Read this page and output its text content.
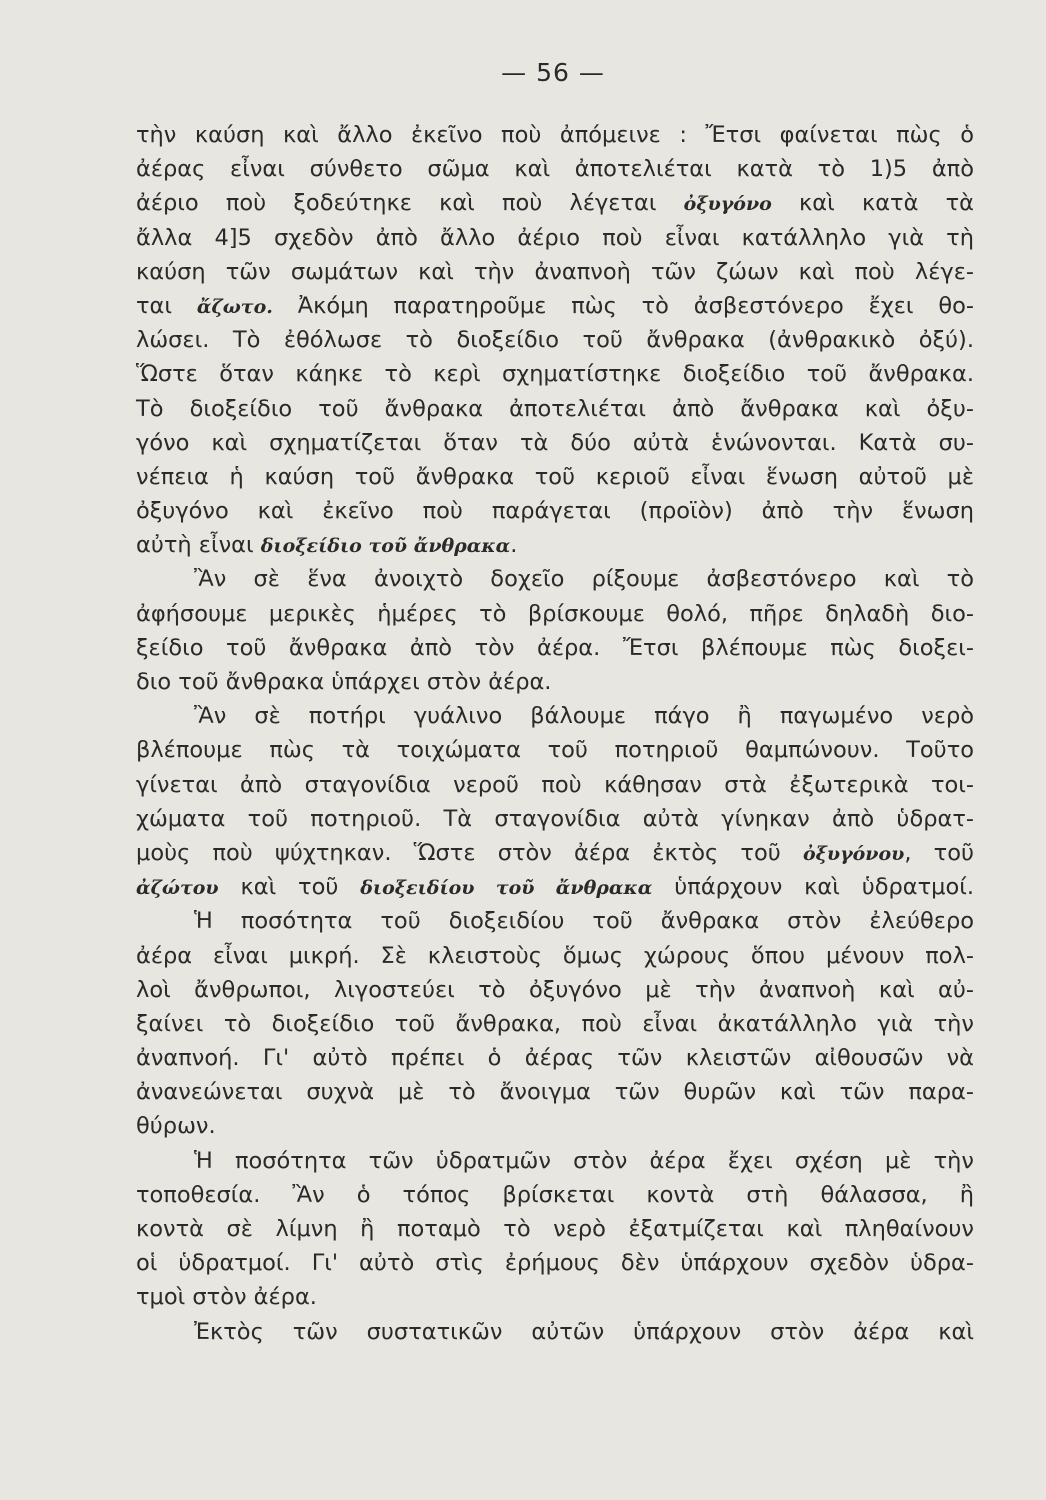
— 56 —
τὴν καύση καὶ ἄλλο ἐκεῖνο ποὺ ἀπόμεινε : Ἔτσι φαίνεται πὼς ὁ
ἀέρας εἶναι σύνθετο σῶμα καὶ ἀποτελιέται κατὰ τὸ 1)5 ἀπὸ
ἀέριο ποὺ ξοδεύτηκε καὶ ποὺ λέγεται ὀξυγόνο καὶ κατὰ τὰ
ἄλλα 4]5 σχεδὸν ἀπὸ ἄλλο ἀέριο ποὺ εἶναι κατάλληλο γιὰ τὴ
καύση τῶν σωμάτων καὶ τὴν ἀναπνοὴ τῶν ζώων καὶ ποὺ λέγε-
ται ἄζωτο. Ἀκόμη παρατηροῦμε πὼς τὸ ἀσβεστόνερο ἔχει θο-
λώσει. Τὸ ἐθόλωσε τὸ διοξείδιο τοῦ ἄνθρακα (ἀνθρακικὸ ὀξύ).
Ὥστε ὅταν κάηκε τὸ κερὶ σχηματίστηκε διοξείδιο τοῦ ἄνθρακα.
Τὸ διοξείδιο τοῦ ἄνθρακα ἀποτελιέται ἀπὸ ἄνθρακα καὶ ὀξυ-
γόνο καὶ σχηματίζεται ὅταν τὰ δύο αὐτὰ ἑνώνονται. Κατὰ συ-
νέπεια ἡ καύση τοῦ ἄνθρακα τοῦ κεριοῦ εἶναι ἕνωση αὐτοῦ μὲ
ὀξυγόνο καὶ ἐκεῖνο ποὺ παράγεται (προϊὸν) ἀπὸ τὴν ἕνωση
αὐτὴ εἶναι διοξείδιο τοῦ ἄνθρακα.
Ἂν σὲ ἕνα ἀνοιχτὸ δοχεῖο ρίξουμε ἀσβεστόνερο καὶ τὸ
ἀφήσουμε μερικὲς ἡμέρες τὸ βρίσκουμε θολό, πῆρε δηλαδὴ διο-
ξείδιο τοῦ ἄνθρακα ἀπὸ τὸν ἀέρα. Ἔτσι βλέπουμε πὼς διοξει-
διο τοῦ ἄνθρακα ὑπάρχει στὸν ἀέρα.
Ἂν σὲ ποτήρι γυάλινο βάλουμε πάγο ἢ παγωμένο νερὸ
βλέπουμε πὼς τὰ τοιχώματα τοῦ ποτηριοῦ θαμπώνουν. Τοῦτο
γίνεται ἀπὸ σταγονίδια νεροῦ ποὺ κάθησαν στὰ ἐξωτερικὰ τοι-
χώματα τοῦ ποτηριοῦ. Τὰ σταγονίδια αὐτὰ γίνηκαν ἀπὸ ὑδρατ-
μοὺς ποὺ ψύχτηκαν. Ὥστε στὸν ἀέρα ἐκτὸς τοῦ ὀξυγόνου, τοῦ
ἀζώτου καὶ τοῦ διοξειδίου τοῦ ἄνθρακα ὑπάρχουν καὶ ὑδρατμοί.
Ἡ ποσότητα τοῦ διοξειδίου τοῦ ἄνθρακα στὸν ἐλεύθερο
ἀέρα εἶναι μικρή. Σὲ κλειστοὺς ὅμως χώρους ὅπου μένουν πολ-
λοὶ ἄνθρωποι, λιγοστεύει τὸ ὀξυγόνο μὲ τὴν ἀναπνοὴ καὶ αὐ-
ξαίνει τὸ διοξείδιο τοῦ ἄνθρακα, ποὺ εἶναι ἀκατάλληλο γιὰ τὴν
ἀναπνοή. Γι' αὐτὸ πρέπει ὁ ἀέρας τῶν κλειστῶν αἰθουσῶν νὰ
ἀνανεώνεται συχνὰ μὲ τὸ ἄνοιγμα τῶν θυρῶν καὶ τῶν παρα-
θύρων.
Ἡ ποσότητα τῶν ὑδρατμῶν στὸν ἀέρα ἔχει σχέση μὲ τὴν
τοποθεσία. Ἂν ὁ τόπος βρίσκεται κοντὰ στὴ θάλασσα, ἢ
κοντὰ σὲ λίμνη ἢ ποταμὸ τὸ νερὸ ἐξατμίζεται καὶ πληθαίνουν
οἱ ὑδρατμοί. Γι' αὐτὸ στὶς ἐρήμους δὲν ὑπάρχουν σχεδὸν ὑδρα-
τμοὶ στὸν ἀέρα.
Ἐκτὸς τῶν συστατικῶν αὐτῶν ὑπάρχουν στὸν ἀέρα καὶ
